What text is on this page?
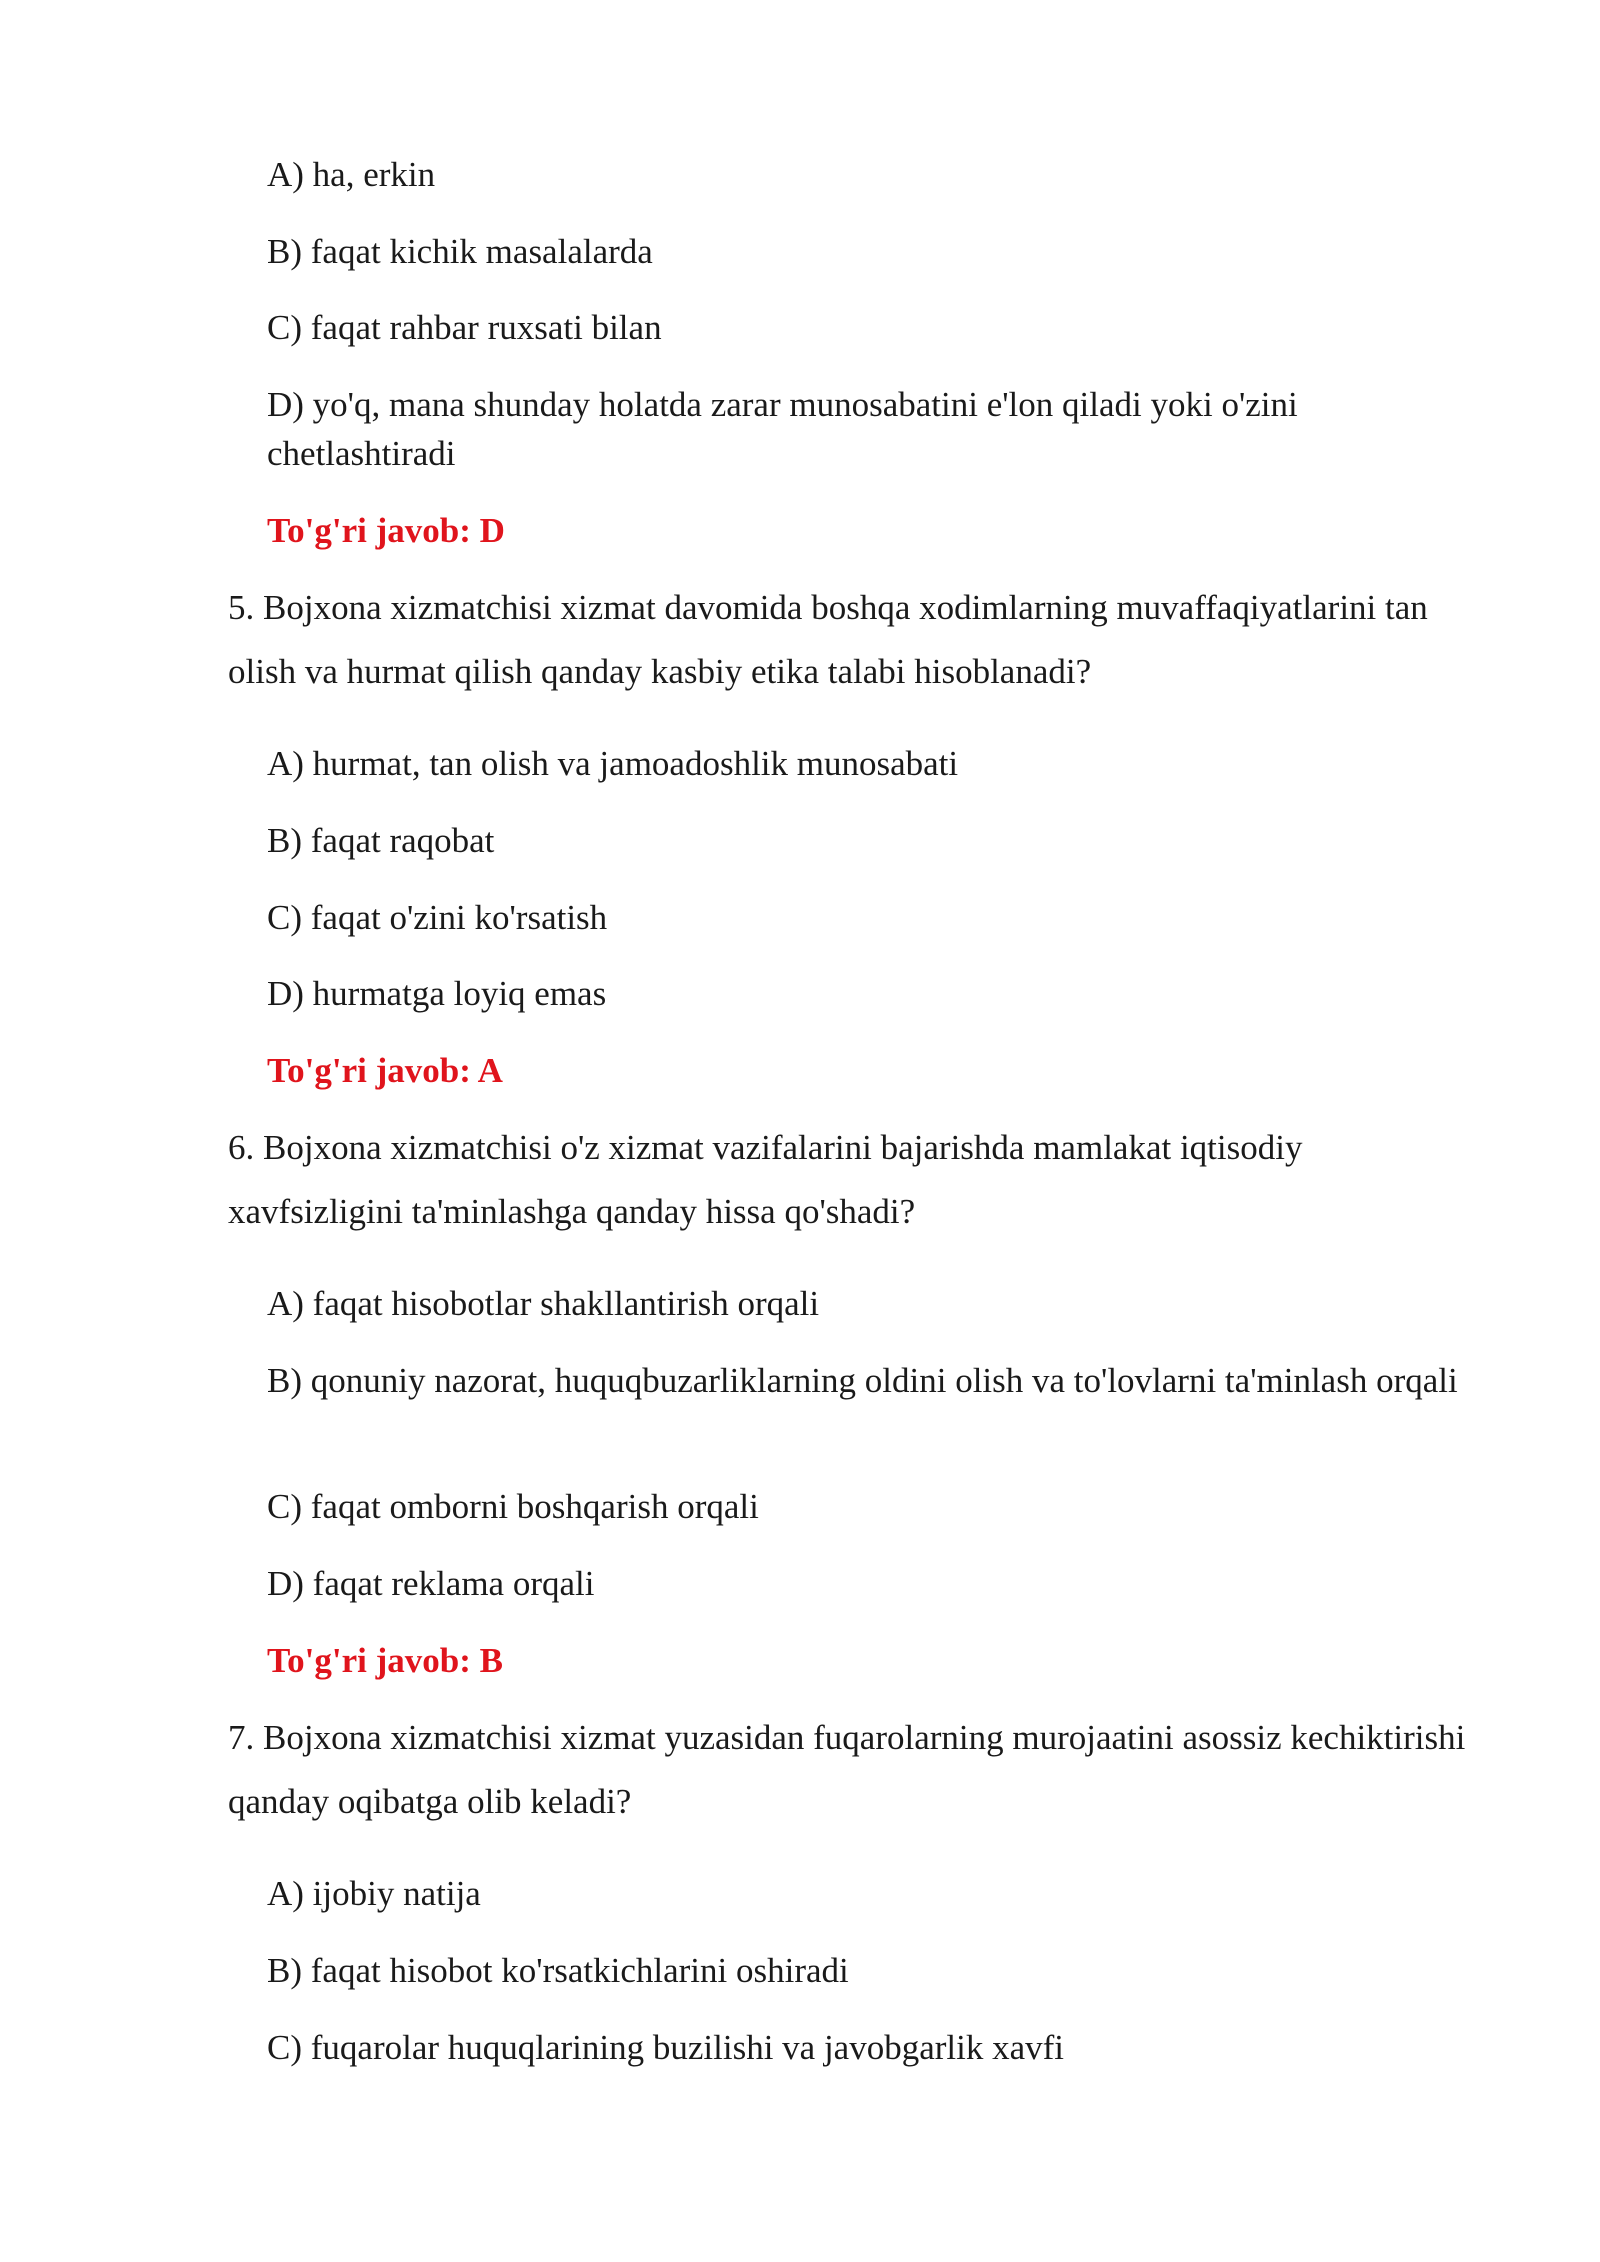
A) ha, erkin
B) faqat kichik masalalarda
C) faqat rahbar ruxsati bilan
D) yo'q, mana shunday holatda zarar munosabatini e'lon qiladi yoki o'zini chetlashtiradi
To'g'ri javob: D
5. Bojxona xizmatchisi xizmat davomida boshqa xodimlarning muvaffaqiyatlarini tan olish va hurmat qilish qanday kasbiy etika talabi hisoblanadi?
A) hurmat, tan olish va jamoadoshlik munosabati
B) faqat raqobat
C) faqat o'zini ko'rsatish
D) hurmatga loyiq emas
To'g'ri javob: A
6. Bojxona xizmatchisi o'z xizmat vazifalarini bajarishda mamlakat iqtisodiy xavfsizligini ta'minlashga qanday hissa qo'shadi?
A) faqat hisobotlar shakllantirish orqali
B) qonuniy nazorat, huquqbuzarliklarning oldini olish va to'lovlarni ta'minlash orqali
C) faqat omborni boshqarish orqali
D) faqat reklama orqali
To'g'ri javob: B
7. Bojxona xizmatchisi xizmat yuzasidan fuqarolarning murojaatini asossiz kechiktirishi qanday oqibatga olib keladi?
A) ijobiy natija
B) faqat hisobot ko'rsatkichlarini oshiradi
C) fuqarolar huquqlarining buzilishi va javobgarlik xavfi
